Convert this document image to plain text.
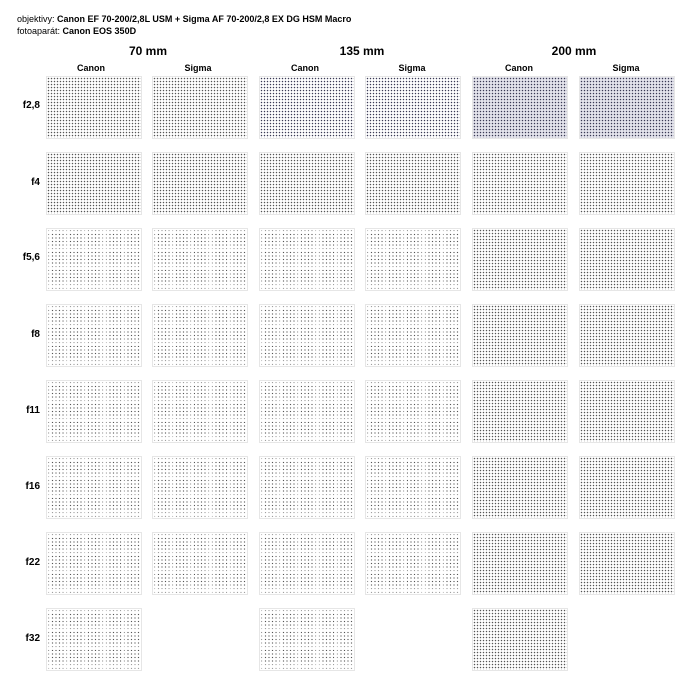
objektivy: Canon EF 70-200/2,8L USM + Sigma AF 70-200/2,8 EX DG HSM Macro
fotoaparát: Canon EOS 350D
70 mm	135 mm	200 mm
Canon	Sigma	Canon	Sigma	Canon	Sigma
f2,8
f4
f5,6
f8
f11
f16
f22
f32
